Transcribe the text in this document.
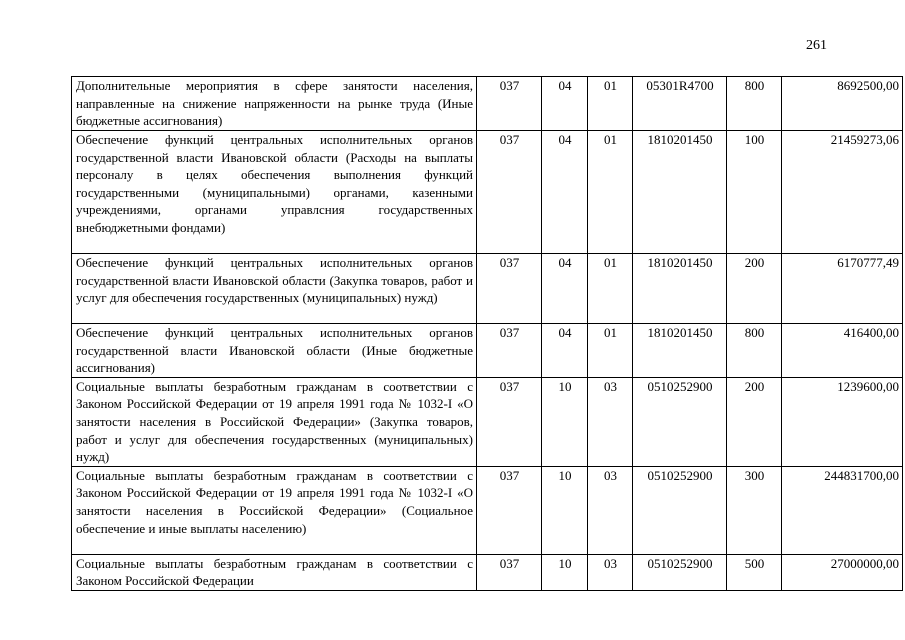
261
Дополнительные мероприятия в сфере занятости населения, направленные на снижение напряженности на рынке труда (Иные бюджетные ассигнования)	037	04	01	05301R4700	800	8692500,00
Обеспечение функций центральных исполнительных органов государственной власти Ивановской области (Расходы на выплаты персоналу в целях обеспечения выполнения функций государственными (муниципальными) органами, казенными учреждениями, органами управлсния государственных внебюджетными фондами)	037	04	01	1810201450	100	21459273,06
Обеспечение функций центральных исполнительных органов государственной власти Ивановской области (Закупка товаров, работ и услуг для обеспечения государственных (муниципальных) нужд)	037	04	01	1810201450	200	6170777,49
Обеспечение функций центральных исполнительных органов государственной власти Ивановской области (Иные бюджетные ассигнования)	037	04	01	1810201450	800	416400,00
Социальные выплаты безработным гражданам в соответствии с Законом Российской Федерации от 19 апреля 1991 года № 1032-I «О занятости населения в Российской Федерации» (Закупка товаров, работ и услуг для обеспечения государственных (муниципальных) нужд)	037	10	03	0510252900	200	1239600,00
Социальные выплаты безработным гражданам в соответствии с Законом Российской Федерации от 19 апреля 1991 года № 1032-I «О занятости населения в Российской Федерации» (Социальное обеспечение и иные выплаты населению)	037	10	03	0510252900	300	244831700,00
Социальные выплаты безработным гражданам в соответствии с Законом Российской Федерации	037	10	03	0510252900	500	27000000,00
